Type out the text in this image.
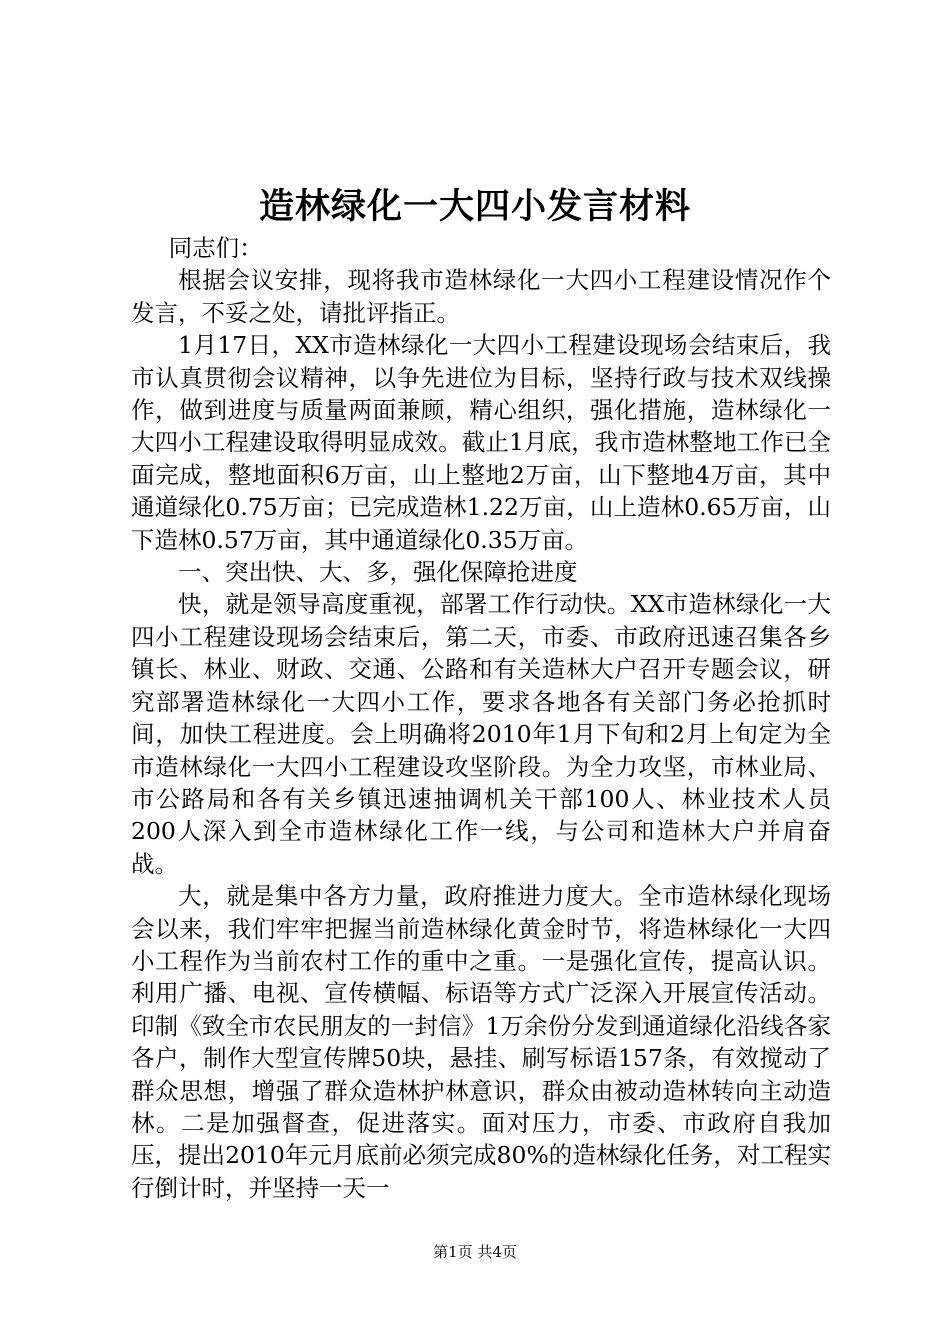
造林绿化一大四小发言材料

同志们：

根据会议安排，现将我市造林绿化一大四小工程建设情况作个发言，不妥之处，请批评指正。

1月17日，XX市造林绿化一大四小工程建设现场会结束后，我市认真贯彻会议精神，以争先进位为目标，坚持行政与技术双线操作，做到进度与质量两面兼顾，精心组织，强化措施，造林绿化一大四小工程建设取得明显成效。截止1月底，我市造林整地工作已全面完成，整地面积6万亩，山上整地2万亩，山下整地4万亩，其中通道绿化0.75万亩；已完成造林1.22万亩，山上造林0.65万亩，山下造林0.57万亩，其中通道绿化0.35万亩。

一、突出快、大、多，强化保障抢进度

快，就是领导高度重视，部署工作行动快。XX市造林绿化一大四小工程建设现场会结束后，第二天，市委、市政府迅速召集各乡镇长、林业、财政、交通、公路和有关造林大户召开专题会议，研究部署造林绿化一大四小工作，要求各地各有关部门务必抢抓时间，加快工程进度。会上明确将2010年1月下旬和2月上旬定为全市造林绿化一大四小工程建设攻坚阶段。为全力攻坚，市林业局、市公路局和各有关乡镇迅速抽调机关干部100人、林业技术人员200人深入到全市造林绿化工作一线，与公司和造林大户并肩奋战。

大，就是集中各方力量，政府推进力度大。全市造林绿化现场会以来，我们牢牢把握当前造林绿化黄金时节，将造林绿化一大四小工程作为当前农村工作的重中之重。一是强化宣传，提高认识。利用广播、电视、宣传横幅、标语等方式广泛深入开展宣传活动。印制《致全市农民朋友的一封信》1万余份分发到通道绿化沿线各家各户，制作大型宣传牌50块，悬挂、刷写标语157条，有效搅动了群众思想，增强了群众造林护林意识，群众由被动造林转向主动造林。二是加强督查，促进落实。面对压力，市委、市政府自我加压，提出2010年元月底前必须完成80%的造林绿化任务，对工程实行倒计时，并坚持一天一

第1页 共4页
